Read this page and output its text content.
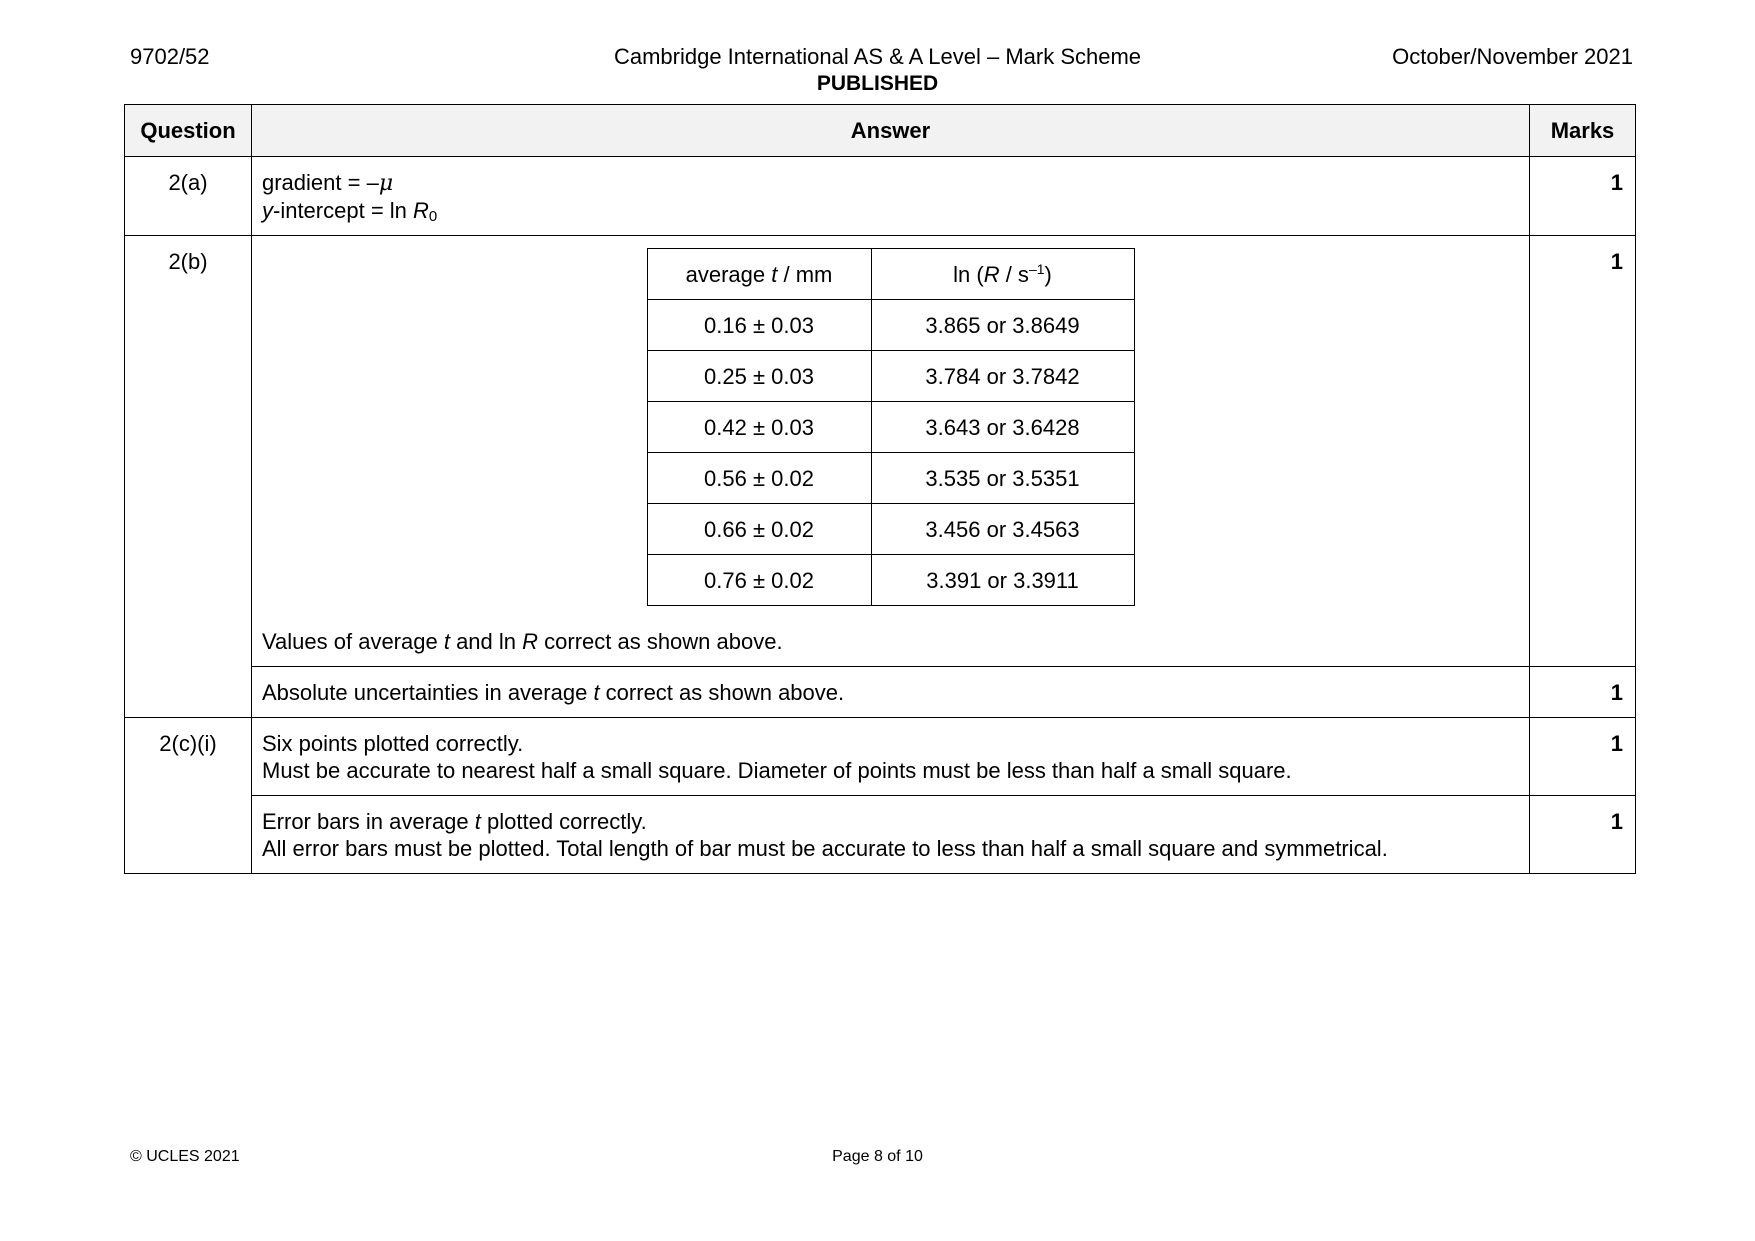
9702/52	Cambridge International AS & A Level – Mark Scheme	October/November 2021
PUBLISHED
Question	Answer	Marks
2(a)	gradient = –μ
y-intercept = $\ln R_0$
	1
2(b)		average t / mm	$\ln (R / s^{-1})$
0.16 ± 0.03	3.865 or 3.8649
0.25 ± 0.03	3.784 or 3.7842
0.42 ± 0.03	3.643 or 3.6428
0.56 ± 0.02	3.535 or 3.5351
0.66 ± 0.02	3.456 or 3.4563
0.76 ± 0.02	3.391 or 3.3911
Values of average t and ln R correct as shown above.
	1
Absolute uncertainties in average t correct as shown above.	1
2(c)(i)	Six points plotted correctly.
Must be accurate to nearest half a small square. Diameter of points must be less than half a small square.
	1

Error bars in average t plotted correctly.
All error bars must be plotted. Total length of bar must be accurate to less than half a small square and symmetrical.
	1
© UCLES 2021	Page 8 of 10
